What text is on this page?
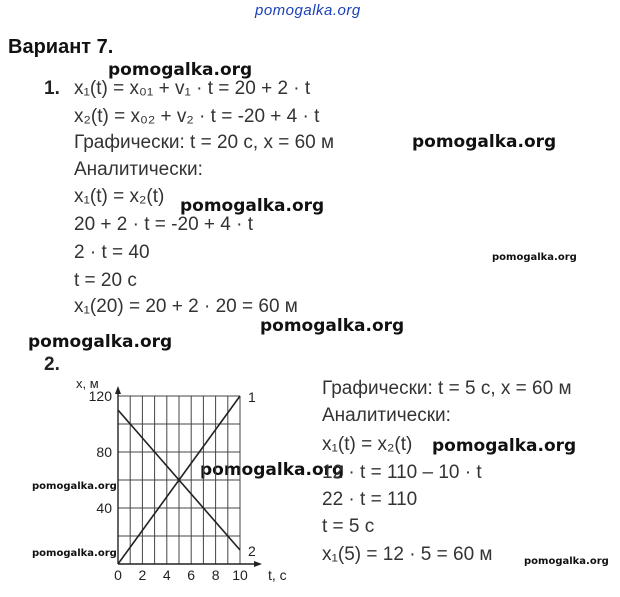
pomogalka.org
pomogalka.org
pomogalka.org
pomogalka.org
pomogalka.org
pomogalka.org
pomogalka.org
pomogalka.org
pomogalka.org
pomogalka.org
pomogalka.org
pomogalka.org
Вариант 7.
1. x₁(t) = x₀₁ + v₁ · t = 20 + 2 · t
x₂(t) = x₀₂ + v₂ · t = -20 + 4 · t
Графически: t = 20 с, x = 60 м
Аналитически:
x₁(t) = x₂(t)
20 + 2 · t = -20 + 4 · t
2 · t = 40
t = 20 с
x₁(20) = 20 + 2 · 20 = 60 м
2.
Графически: t = 5 с, x = 60 м
Аналитически:
x₁(t) = x₂(t)
12 · t = 110 – 10 · t
22 · t = 110
t = 5 с
x₁(5) = 12 · 5 = 60 м
1
2
0 2 4 6 8 10
40
80
120
x, м
t, с
